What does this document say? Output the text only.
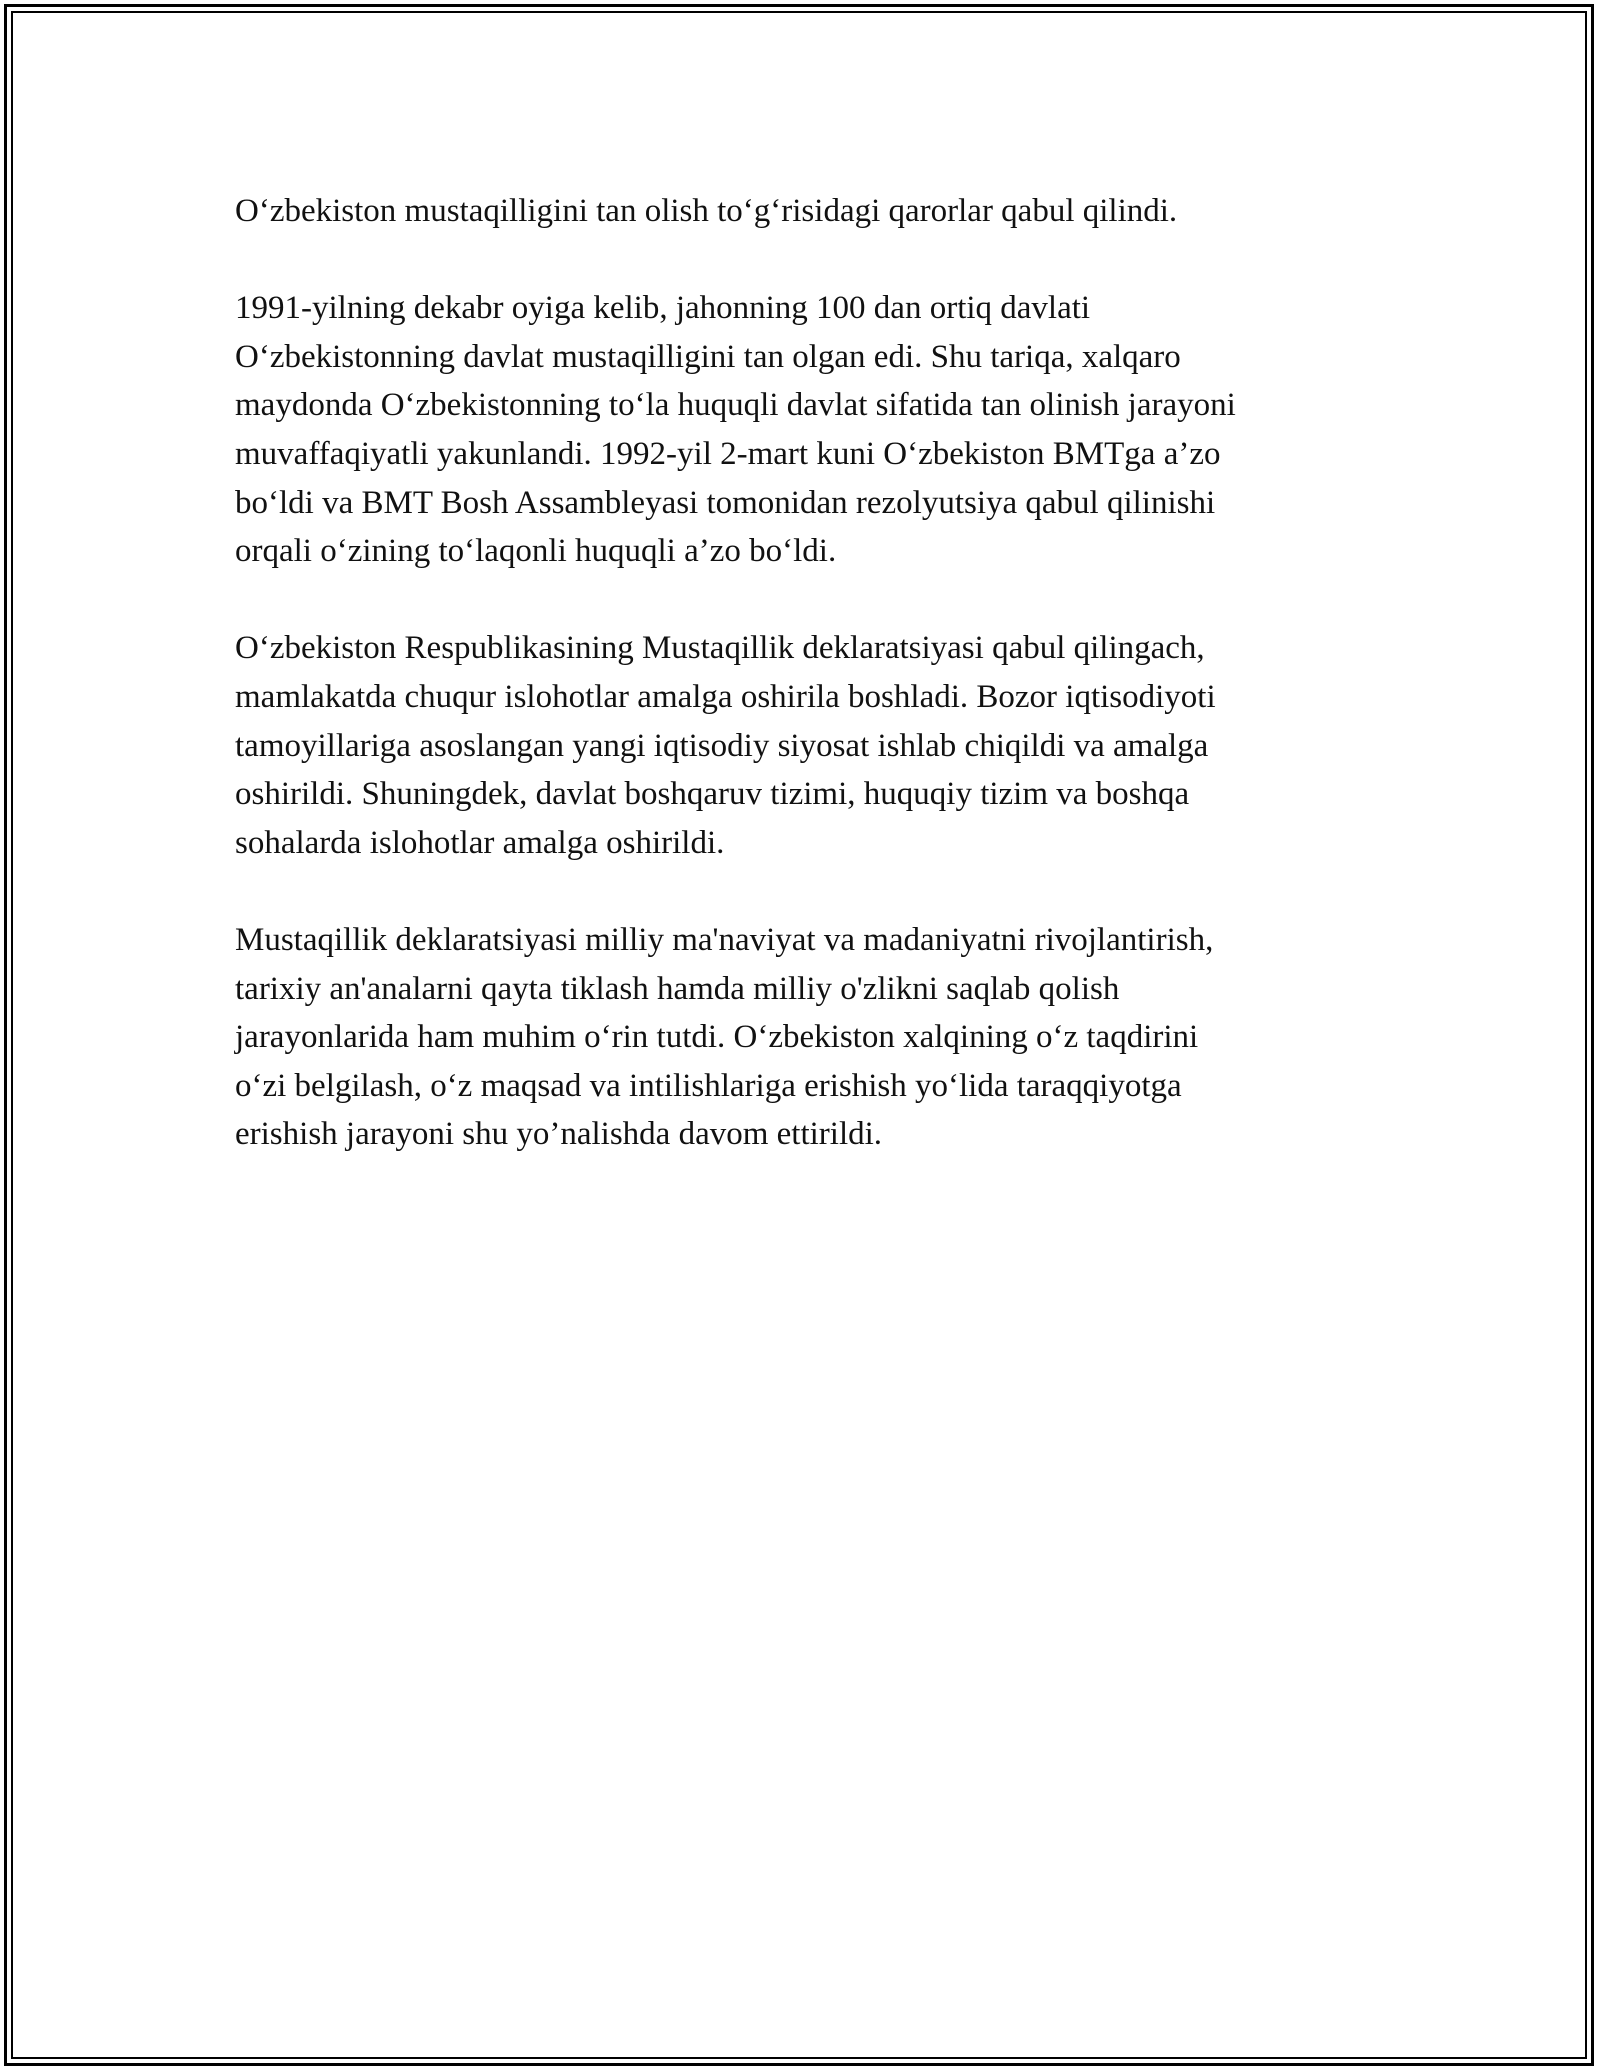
O‘zbekiston mustaqilligini tan olish to‘g‘risidagi qarorlar qabul qilindi.

1991-yilning dekabr oyiga kelib, jahonning 100 dan ortiq davlati
O‘zbekistonning davlat mustaqilligini tan olgan edi. Shu tariqa, xalqaro
maydonda O‘zbekistonning to‘la huquqli davlat sifatida tan olinish jarayoni
muvaffaqiyatli yakunlandi. 1992-yil 2-mart kuni O‘zbekiston BMTga a’zo
bo‘ldi va BMT Bosh Assambleyasi tomonidan rezolyutsiya qabul qilinishi
orqali o‘zining to‘laqonli huquqli a’zo bo‘ldi.

O‘zbekiston Respublikasining Mustaqillik deklaratsiyasi qabul qilingach,
mamlakatda chuqur islohotlar amalga oshirila boshladi. Bozor iqtisodiyoti
tamoyillariga asoslangan yangi iqtisodiy siyosat ishlab chiqildi va amalga
oshirildi. Shuningdek, davlat boshqaruv tizimi, huquqiy tizim va boshqa
sohalarda islohotlar amalga oshirildi.

Mustaqillik deklaratsiyasi milliy ma'naviyat va madaniyatni rivojlantirish,
tarixiy an'analarni qayta tiklash hamda milliy o'zlikni saqlab qolish
jarayonlarida ham muhim o‘rin tutdi. O‘zbekiston xalqining o‘z taqdirini
o‘zi belgilash, o‘z maqsad va intilishlariga erishish yo‘lida taraqqiyotga
erishish jarayoni shu yo’nalishda davom ettirildi.
